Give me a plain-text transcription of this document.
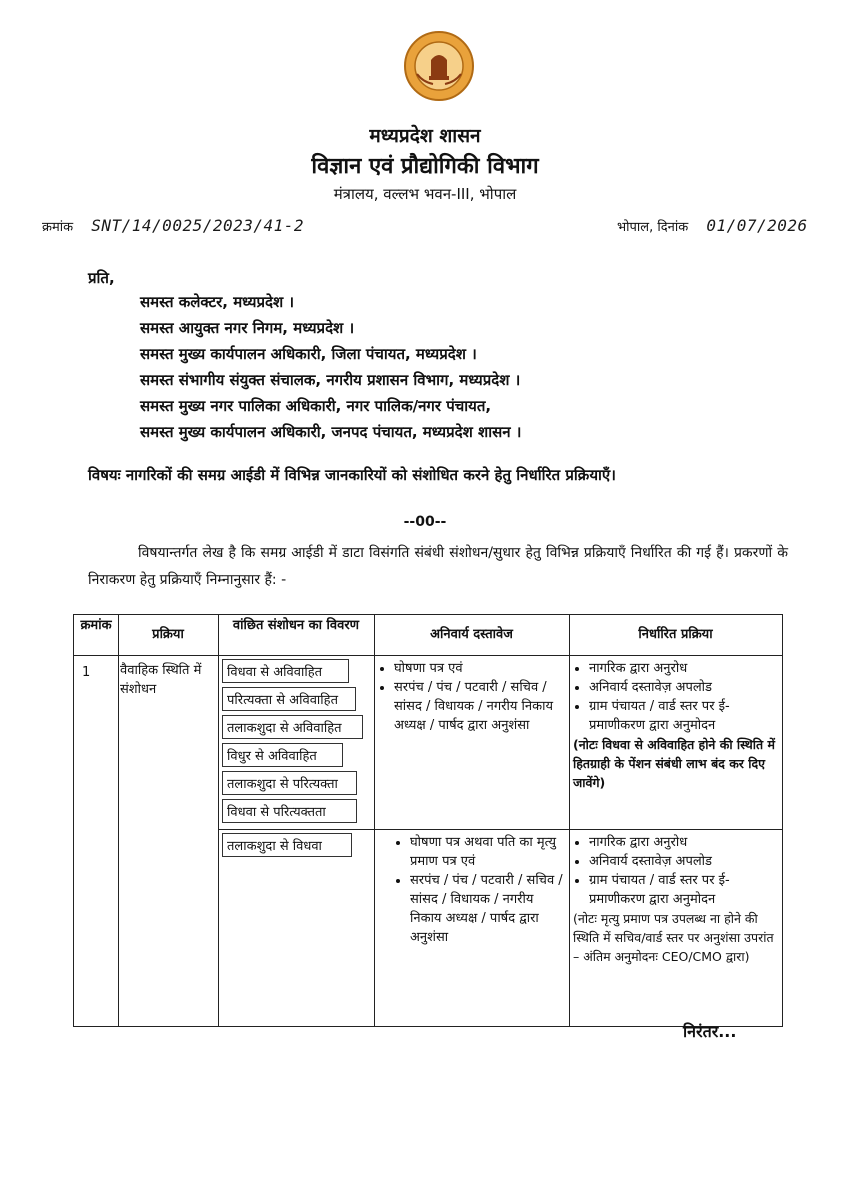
मध्यप्रदेश शासन
विज्ञान एवं प्रौद्योगिकी विभाग
मंत्रालय, वल्लभ भवन-III, भोपाल
क्रमांक SNT/14/0025/2023/41-2	भोपाल, दिनांक 01/07/2026
प्रति,
समस्त कलेक्टर, मध्यप्रदेश ।
समस्त आयुक्त नगर निगम, मध्यप्रदेश ।
समस्त मुख्य कार्यपालन अधिकारी, जिला पंचायत, मध्यप्रदेश ।
समस्त संभागीय संयुक्त संचालक, नगरीय प्रशासन विभाग, मध्यप्रदेश ।
समस्त मुख्य नगर पालिका अधिकारी, नगर पालिक/नगर पंचायत,
समस्त मुख्य कार्यपालन अधिकारी, जनपद पंचायत, मध्यप्रदेश शासन ।
विषयः नागरिकों की समग्र आईडी में विभिन्न जानकारियों को संशोधित करने हेतु निर्धारित प्रक्रियाएँ।
--00--
विषयान्तर्गत लेख है कि समग्र आईडी में डाटा विसंगति संबंधी संशोधन/सुधार हेतु विभिन्न प्रक्रियाएँ निर्धारित की गई हैं। प्रकरणों के निराकरण हेतु प्रक्रियाएँ निम्नानुसार हैं: -
क्रमांक
प्रक्रिया
वांछित संशोधन का विवरण
अनिवार्य दस्तावेज	निर्धारित प्रक्रिया
1 वैवाहिक स्थिति में संशोधन
विधवा से अविवाहित
परित्यक्ता से अविवाहित
तलाकशुदा से अविवाहित
विधुर से अविवाहित
तलाकशुदा से परित्यक्ता
विधवा से परित्यक्तता
• घोषणा पत्र एवं
• सरपंच / पंच / पटवारी / सचिव / सांसद / विधायक / नगरीय निकाय अध्यक्ष / पार्षद द्वारा अनुशंसा
• नागरिक द्वारा अनुरोध
• अनिवार्य दस्तावेज़ अपलोड
• ग्राम पंचायत / वार्ड स्तर पर ई-प्रमाणीकरण द्वारा अनुमोदन
(नोटः विधवा से अविवाहित होने की स्थिति में हितग्राही के पेंशन संबंधी लाभ बंद कर दिए जावेंगे)
तलाकशुदा से विधवा
•	घोषणा पत्र अथवा पति का मृत्यु प्रमाण पत्र एवं
• सरपंच / पंच / पटवारी / सचिव / सांसद / विधायक / नगरीय निकाय अध्यक्ष / पार्षद द्वारा अनुशंसा
• नागरिक द्वारा अनुरोध
• अनिवार्य दस्तावेज़ अपलोड
• ग्राम पंचायत / वार्ड स्तर पर ई-प्रमाणीकरण द्वारा अनुमोदन
(नोटः मृत्यु प्रमाण पत्र उपलब्ध ना होने की स्थिति में सचिव/वार्ड स्तर पर अनुशंसा उपरांत – अंतिम अनुमोदनः CEO/CMO द्वारा)
निरंतर...
